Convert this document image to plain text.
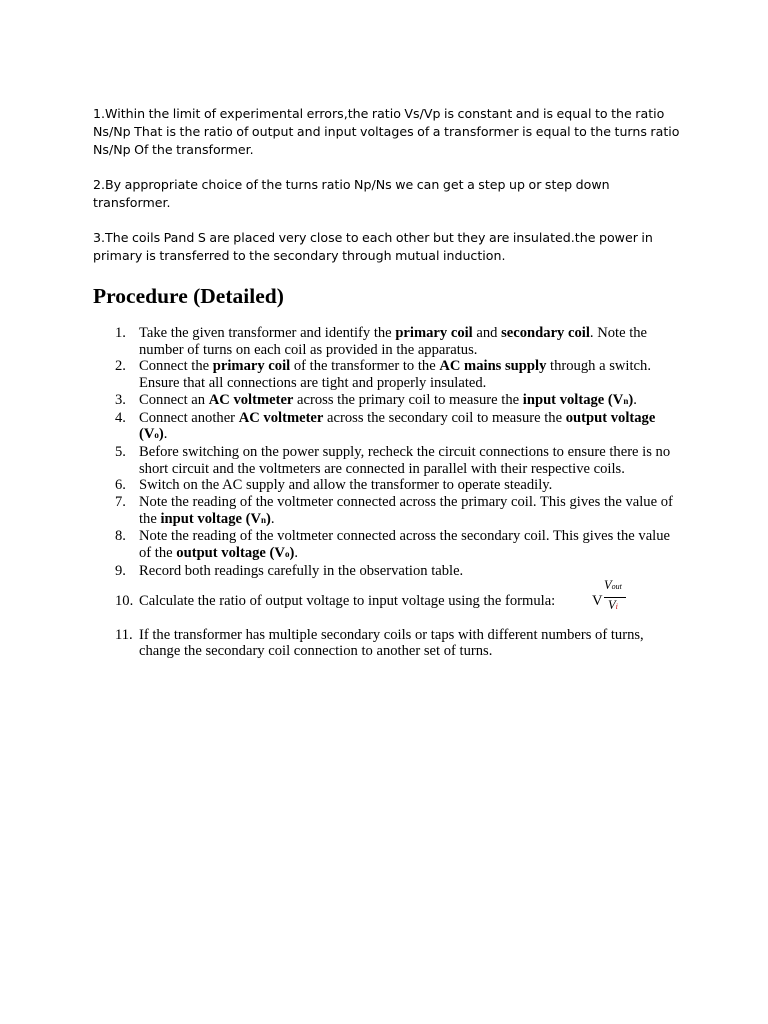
1.Within the limit of experimental errors,the ratio Vs/Vp is constant and is equal to the ratio Ns/Np That is the ratio of output and input voltages of a transformer is equal to the turns ratio Ns/Np Of the transformer.

2.By appropriate choice of the turns ratio Np/Ns we can get a step up or step down transformer.

3.The coils Pand S are placed very close to each other but they are insulated.the power in primary is transferred to the secondary through mutual induction.

Procedure (Detailed)
1. Take the given transformer and identify the primary coil and secondary coil. Note the number of turns on each coil as provided in the apparatus.
2. Connect the primary coil of the transformer to the AC mains supply through a switch. Ensure that all connections are tight and properly insulated.
3. Connect an AC voltmeter across the primary coil to measure the input voltage (Vn).
4. Connect another AC voltmeter across the secondary coil to measure the output voltage (Vo).
5. Before switching on the power supply, recheck the circuit connections to ensure there is no short circuit and the voltmeters are connected in parallel with their respective coils.
6. Switch on the AC supply and allow the transformer to operate steadily.
7. Note the reading of the voltmeter connected across the primary coil. This gives the value of the input voltage (Vn).
8. Note the reading of the voltmeter connected across the secondary coil. This gives the value of the output voltage (Vo).
9. Record both readings carefully in the observation table.
10. Calculate the ratio of output voltage to input voltage using the formula:	V
Vout
Vi
11. If the transformer has multiple secondary coils or taps with different numbers of turns, change the secondary coil connection to another set of turns.
